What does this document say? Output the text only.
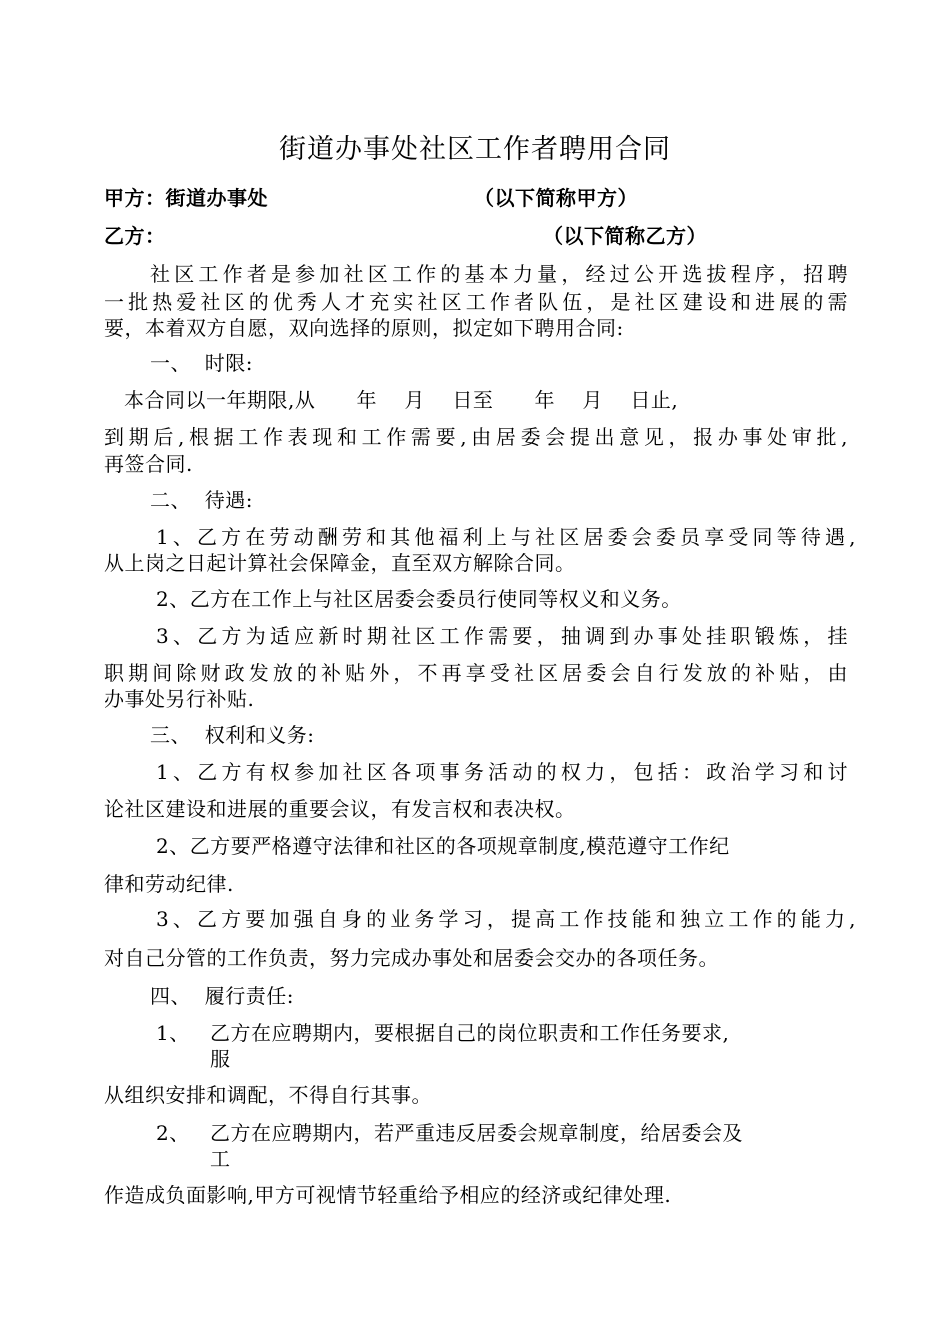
街道办事处社区工作者聘用合同
甲方：街道办事处	（以下简称甲方）
乙方：	（以下简称乙方）
社区工作者是参加社区工作的基本力量，经过公开选拔程序，招聘
一批热爱社区的优秀人才充实社区工作者队伍，是社区建设和进展的需
要，本着双方自愿，双向选择的原则，拟定如下聘用合同:
一、  时限:
本合同以一年期限,从      年    月    日至      年    月    日止,
到期后,根据工作表现和工作需要,由居委会提出意见，报办事处审批,
再签合同.
二、  待遇:
1、乙方在劳动酬劳和其他福利上与社区居委会委员享受同等待遇,
从上岗之日起计算社会保障金，直至双方解除合同。
2、乙方在工作上与社区居委会委员行使同等权义和义务。
3、乙方为适应新时期社区工作需要，抽调到办事处挂职锻炼，挂
职期间除财政发放的补贴外，不再享受社区居委会自行发放的补贴，由
办事处另行补贴.
三、  权利和义务:
1、乙方有权参加社区各项事务活动的权力，包括：政治学习和讨
论社区建设和进展的重要会议，有发言权和表决权。
2、乙方要严格遵守法律和社区的各项规章制度,模范遵守工作纪
律和劳动纪律.
3、乙方要加强自身的业务学习，提高工作技能和独立工作的能力,
对自己分管的工作负责，努力完成办事处和居委会交办的各项任务。
四、  履行责任:
1、 乙方在应聘期内，要根据自己的岗位职责和工作任务要求,
服
从组织安排和调配，不得自行其事。
2、 乙方在应聘期内，若严重违反居委会规章制度，给居委会及
工
作造成负面影响,甲方可视情节轻重给予相应的经济或纪律处理.
